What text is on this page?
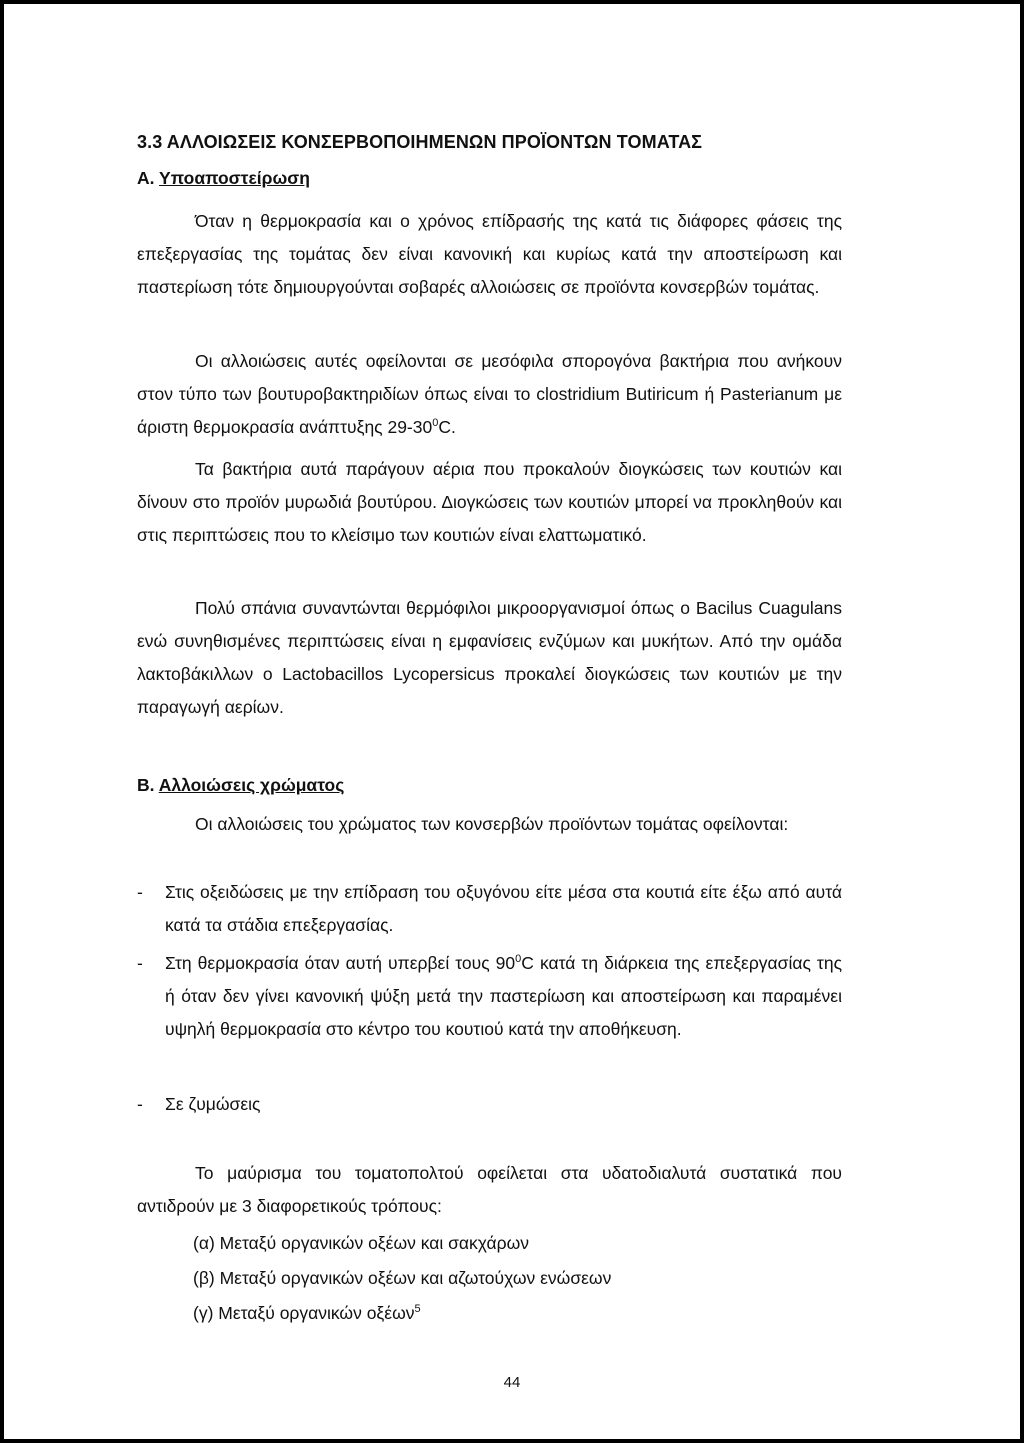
3.3 ΑΛΛΟΙΩΣΕΙΣ ΚΟΝΣΕΡΒΟΠΟΙΗΜΕΝΩΝ ΠΡΟΪΟΝΤΩΝ ΤΟΜΑΤΑΣ
Α. Υποαποστείρωση
Όταν η θερμοκρασία και ο χρόνος επίδρασής της κατά τις διάφορες φάσεις της επεξεργασίας της τομάτας δεν είναι κανονική και κυρίως κατά την αποστείρωση και παστερίωση τότε δημιουργούνται σοβαρές αλλοιώσεις σε προϊόντα κονσερβών τομάτας.
Οι αλλοιώσεις αυτές οφείλονται σε μεσόφιλα σπορογόνα βακτήρια που ανήκουν στον τύπο των βουτυροβακτηριδίων όπως είναι το clostridium Butiricum ή Pasterianum με άριστη θερμοκρασία ανάπτυξης $29-30^0C$.
Τα βακτήρια αυτά παράγουν αέρια που προκαλούν διογκώσεις των κουτιών και δίνουν στο προϊόν μυρωδιά βουτύρου. Διογκώσεις των κουτιών μπορεί να προκληθούν και στις περιπτώσεις που το κλείσιμο των κουτιών είναι ελαττωματικό.
Πολύ σπάνια συναντώνται θερμόφιλοι μικροοργανισμοί όπως ο Bacilus Cuagulans ενώ συνηθισμένες περιπτώσεις είναι η εμφανίσεις ενζύμων και μυκήτων. Από την ομάδα λακτοβάκιλλων ο Lactobacillos Lycopersicus προκαλεί διογκώσεις των κουτιών με την παραγωγή αερίων.
Β. Αλλοιώσεις χρώματος
Οι αλλοιώσεις του χρώματος των κονσερβών προϊόντων τομάτας οφείλονται:
- Στις οξειδώσεις με την επίδραση του οξυγόνου είτε μέσα στα κουτιά είτε έξω από αυτά κατά τα στάδια επεξεργασίας.
- Στη θερμοκρασία όταν αυτή υπερβεί τους $90^0C$ κατά τη διάρκεια της επεξεργασίας της ή όταν δεν γίνει κανονική ψύξη μετά την παστερίωση και αποστείρωση και παραμένει υψηλή θερμοκρασία στο κέντρο του κουτιού κατά την αποθήκευση.
- Σε ζυμώσεις
Το μαύρισμα του τοματοπολτού οφείλεται στα υδατοδιαλυτά συστατικά που αντιδρούν με 3 διαφορετικούς τρόπους:
(α) Μεταξύ οργανικών οξέων και σακχάρων
(β) Μεταξύ οργανικών οξέων και αζωτούχων ενώσεων
(γ) Μεταξύ οργανικών οξέων$^5$
44
